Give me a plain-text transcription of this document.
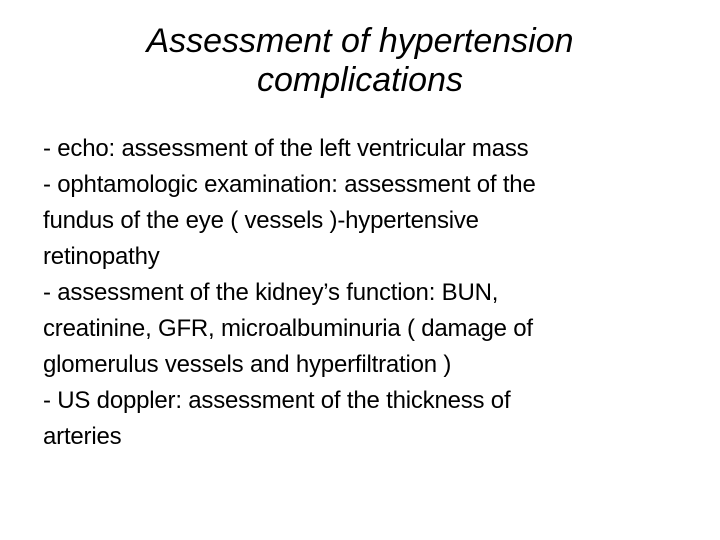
Assessment of hypertension
complications
- echo: assessment of the left ventricular mass
- ophtamologic examination: assessment of the
fundus of the eye ( vessels )-hypertensive
retinopathy
- assessment of the kidney’s function: BUN,
creatinine, GFR, microalbuminuria ( damage of
glomerulus vessels and hyperfiltration )
- US doppler: assessment of the thickness of
arteries
